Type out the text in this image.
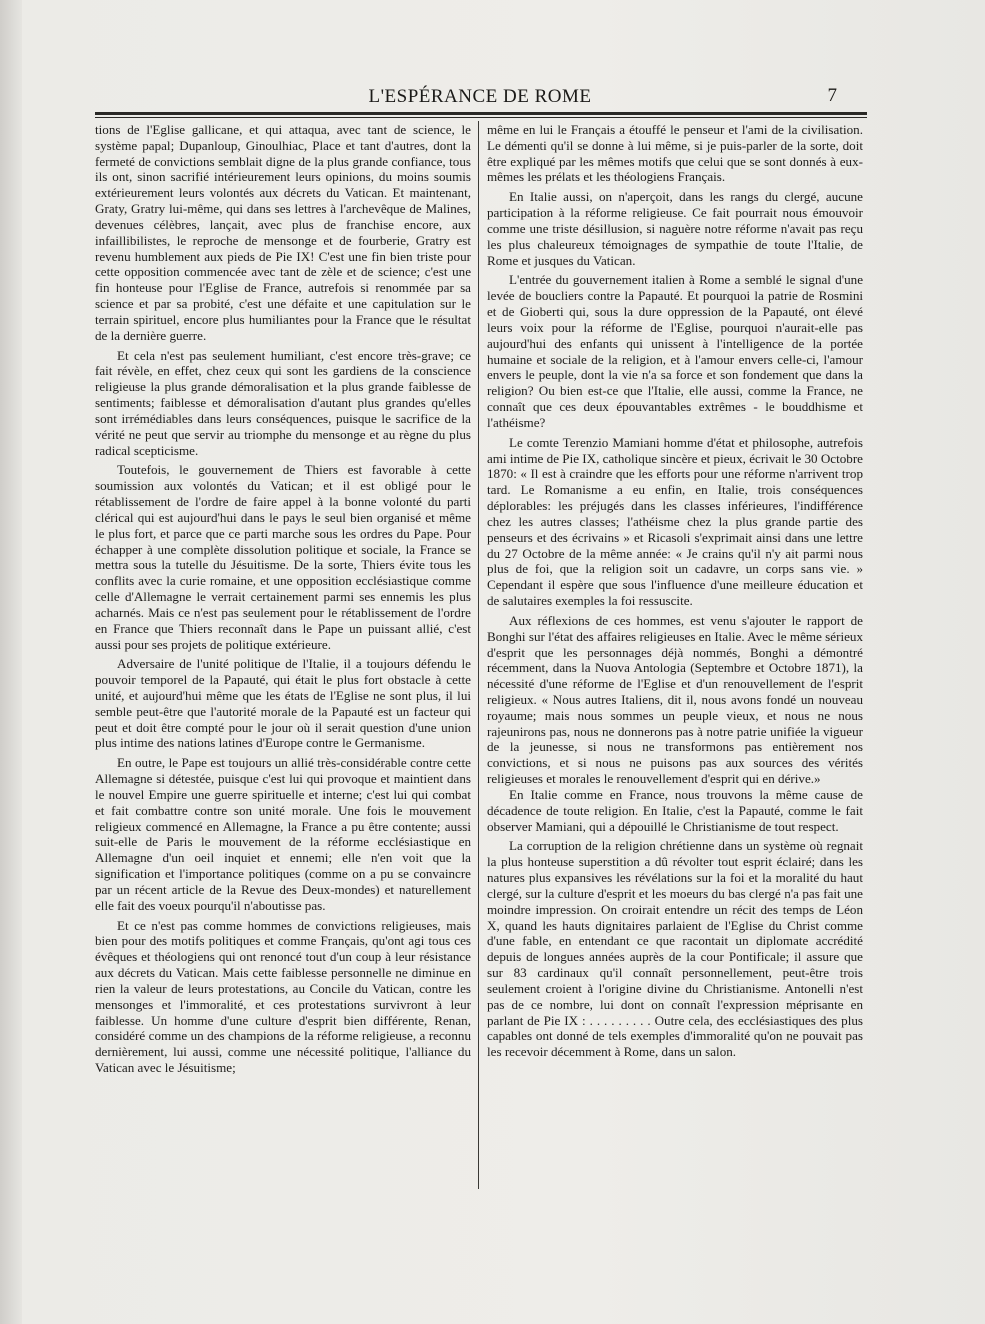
L'ESPÉRANCE DE ROME	7

tions de l'Eglise gallicane, et qui attaqua, avec tant de science, le système papal; Dupanloup, Ginoulhiac, Place et tant d'autres, dont la fermeté de convictions semblait digne de la plus grande confiance, tous ils ont, sinon sacrifié intérieurement leurs opinions, du moins soumis extérieurement leurs volontés aux décrets du Vatican. Et maintenant, Graty, Gratry lui-même, qui dans ses lettres à l'archevêque de Malines, devenues célèbres, lançait, avec plus de franchise encore, aux infaillibilistes, le reproche de mensonge et de fourberie, Gratry est revenu humblement aux pieds de Pie IX! C'est une fin bien triste pour cette opposition commencée avec tant de zèle et de science; c'est une fin honteuse pour l'Eglise de France, autrefois si renommée par sa science et par sa probité, c'est une défaite et une capitulation sur le terrain spirituel, encore plus humiliantes pour la France que le résultat de la dernière guerre.

Et cela n'est pas seulement humiliant, c'est encore très-grave; ce fait révèle, en effet, chez ceux qui sont les gardiens de la conscience religieuse la plus grande démoralisation et la plus grande faiblesse de sentiments; faiblesse et démoralisation d'autant plus grandes qu'elles sont irrémédiables dans leurs conséquences, puisque le sacrifice de la vérité ne peut que servir au triomphe du mensonge et au règne du plus radical scepticisme.

Toutefois, le gouvernement de Thiers est favorable à cette soumission aux volontés du Vatican; et il est obligé pour le rétablissement de l'ordre de faire appel à la bonne volonté du parti clérical qui est aujourd'hui dans le pays le seul bien organisé et même le plus fort, et parce que ce parti marche sous les ordres du Pape. Pour échapper à une complète dissolution politique et sociale, la France se mettra sous la tutelle du Jésuitisme. De la sorte, Thiers évite tous les conflits avec la curie romaine, et une opposition ecclésiastique comme celle d'Allemagne le verrait certainement parmi ses ennemis les plus acharnés. Mais ce n'est pas seulement pour le rétablissement de l'ordre en France que Thiers reconnaît dans le Pape un puissant allié, c'est aussi pour ses projets de politique extérieure.

Adversaire de l'unité politique de l'Italie, il a toujours défendu le pouvoir temporel de la Papauté, qui était le plus fort obstacle à cette unité, et aujourd'hui même que les états de l'Eglise ne sont plus, il lui semble peut-être que l'autorité morale de la Papauté est un facteur qui peut et doit être compté pour le jour où il serait question d'une union plus intime des nations latines d'Europe contre le Germanisme.

En outre, le Pape est toujours un allié très-considérable contre cette Allemagne si détestée, puisque c'est lui qui provoque et maintient dans le nouvel Empire une guerre spirituelle et interne; c'est lui qui combat et fait combattre contre son unité morale. Une fois le mouvement religieux commencé en Allemagne, la France a pu être contente; aussi suit-elle de Paris le mouvement de la réforme ecclésiastique en Allemagne d'un oeil inquiet et ennemi; elle n'en voit que la signification et l'importance politiques (comme on a pu se convaincre par un récent article de la Revue des Deux-mondes) et naturellement elle fait des voeux pourqu'il n'aboutisse pas.

Et ce n'est pas comme hommes de convictions religieuses, mais bien pour des motifs politiques et comme Français, qu'ont agi tous ces évêques et théologiens qui ont renoncé tout d'un coup à leur résistance aux décrets du Vatican. Mais cette faiblesse personnelle ne diminue en rien la valeur de leurs protestations, au Concile du Vatican, contre les mensonges et l'immoralité, et ces protestations survivront à leur faiblesse. Un homme d'une culture d'esprit bien différente, Renan, considéré comme un des champions de la réforme religieuse, a reconnu dernièrement, lui aussi, comme une nécessité politique, l'alliance du Vatican avec le Jésuitisme;

même en lui le Français a étouffé le penseur et l'ami de la civilisation. Le démenti qu'il se donne à lui même, si je puis-parler de la sorte, doit être expliqué par les mêmes motifs que celui que se sont donnés à eux-mêmes les prélats et les théologiens Français.

En Italie aussi, on n'aperçoit, dans les rangs du clergé, aucune participation à la réforme religieuse. Ce fait pourrait nous émouvoir comme une triste désillusion, si naguère notre réforme n'avait pas reçu les plus chaleureux témoignages de sympathie de toute l'Italie, de Rome et jusques du Vatican.

L'entrée du gouvernement italien à Rome a semblé le signal d'une levée de boucliers contre la Papauté. Et pourquoi la patrie de Rosmini et de Gioberti qui, sous la dure oppression de la Papauté, ont élevé leurs voix pour la réforme de l'Eglise, pourquoi n'aurait-elle pas aujourd'hui des enfants qui unissent à l'intelligence de la portée humaine et sociale de la religion, et à l'amour envers celle-ci, l'amour envers le peuple, dont la vie n'a sa force et son fondement que dans la religion? Ou bien est-ce que l'Italie, elle aussi, comme la France, ne connaît que ces deux épouvantables extrêmes - le bouddhisme et l'athéisme?

Le comte Terenzio Mamiani homme d'état et philosophe, autrefois ami intime de Pie IX, catholique sincère et pieux, écrivait le 30 Octobre 1870: « Il est à craindre que les efforts pour une réforme n'arrivent trop tard. Le Romanisme a eu enfin, en Italie, trois conséquences déplorables: les préjugés dans les classes inférieures, l'indifférence chez les autres classes; l'athéisme chez la plus grande partie des penseurs et des écrivains » et Ricasoli s'exprimait ainsi dans une lettre du 27 Octobre de la même année: « Je crains qu'il n'y ait parmi nous plus de foi, que la religion soit un cadavre, un corps sans vie. » Cependant il espère que sous l'influence d'une meilleure éducation et de salutaires exemples la foi ressuscite.

Aux réflexions de ces hommes, est venu s'ajouter le rapport de Bonghi sur l'état des affaires religieuses en Italie. Avec le même sérieux d'esprit que les personnages déjà nommés, Bonghi a démontré récemment, dans la Nuova Antologia (Septembre et Octobre 1871), la nécessité d'une réforme de l'Eglise et d'un renouvellement de l'esprit religieux. « Nous autres Italiens, dit il, nous avons fondé un nouveau royaume; mais nous sommes un peuple vieux, et nous ne nous rajeunirons pas, nous ne donnerons pas à notre patrie unifiée la vigueur de la jeunesse, si nous ne transformons pas entièrement nos convictions, et si nous ne puisons pas aux sources des vérités religieuses et morales le renouvellement d'esprit qui en dérive.»

En Italie comme en France, nous trouvons la même cause de décadence de toute religion. En Italie, c'est la Papauté, comme le fait observer Mamiani, qui a dépouillé le Christianisme de tout respect.

La corruption de la religion chrétienne dans un système où regnait la plus honteuse superstition a dû révolter tout esprit éclairé; dans les natures plus expansives les révélations sur la foi et la moralité du haut clergé, sur la culture d'esprit et les moeurs du bas clergé n'a pas fait une moindre impression. On croirait entendre un récit des temps de Léon X, quand les hauts dignitaires parlaient de l'Eglise du Christ comme d'une fable, en entendant ce que racontait un diplomate accrédité depuis de longues années auprès de la cour Pontificale; il assure que sur 83 cardinaux qu'il connaît personnellement, peut-être trois seulement croient à l'origine divine du Christianisme. Antonelli n'est pas de ce nombre, lui dont on connaît l'expression méprisante en parlant de Pie IX : . . . . . . . . . Outre cela, des ecclésiastiques des plus capables ont donné de tels exemples d'immoralité qu'on ne pouvait pas les recevoir décemment à Rome, dans un salon.
